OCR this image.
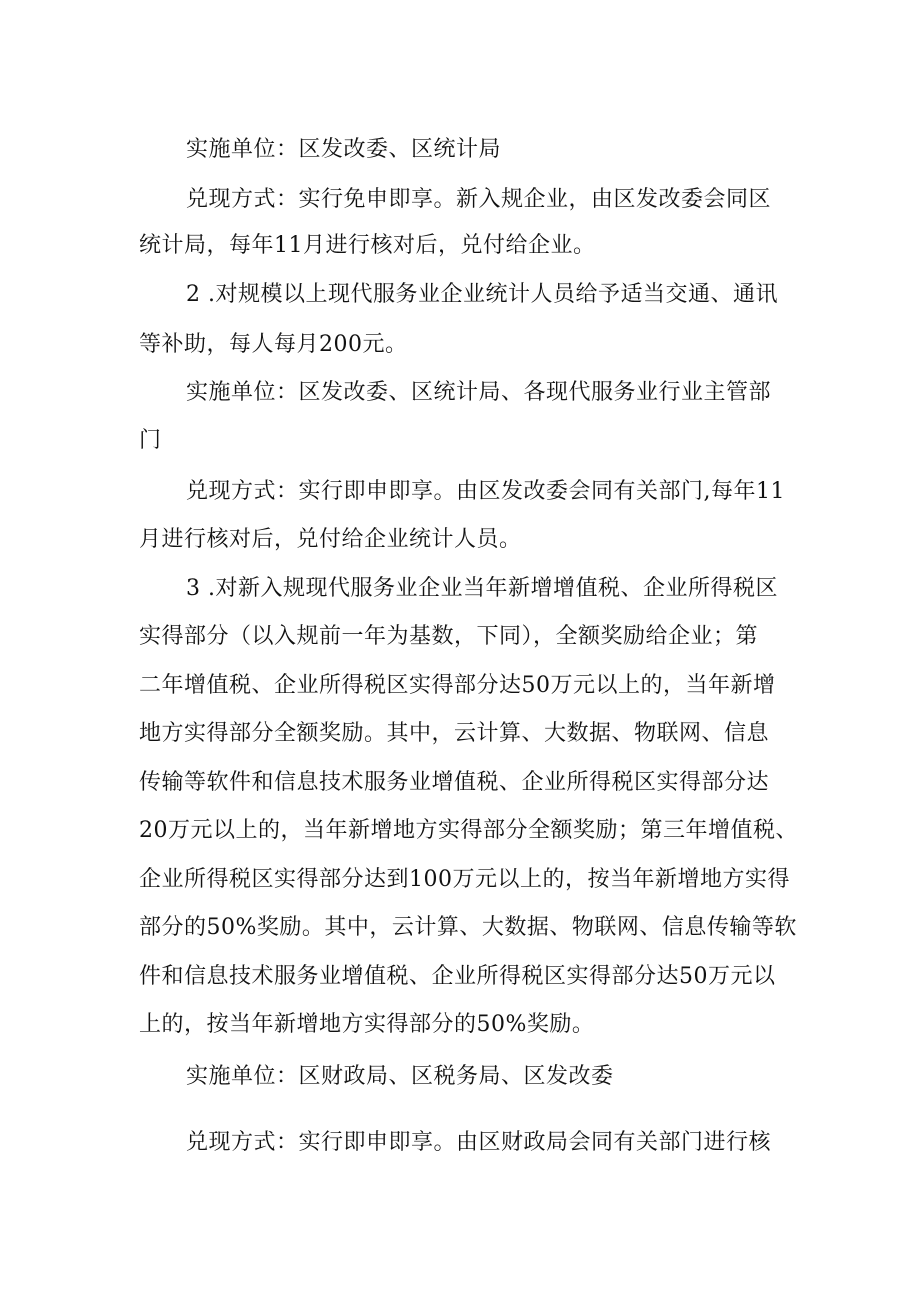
实施单位：区发改委、区统计局

兑现方式：实行免申即享。新入规企业，由区发改委会同区

统计局，每年11月进行核对后，兑付给企业。

2 .对规模以上现代服务业企业统计人员给予适当交通、通讯

等补助，每人每月200元。

实施单位：区发改委、区统计局、各现代服务业行业主管部

门

兑现方式：实行即申即享。由区发改委会同有关部门,每年11

月进行核对后，兑付给企业统计人员。

3 .对新入规现代服务业企业当年新增增值税、企业所得税区

实得部分（以入规前一年为基数，下同），全额奖励给企业；第

二年增值税、企业所得税区实得部分达50万元以上的，当年新增

地方实得部分全额奖励。其中，云计算、大数据、物联网、信息

传输等软件和信息技术服务业增值税、企业所得税区实得部分达

20万元以上的，当年新增地方实得部分全额奖励；第三年增值税、

企业所得税区实得部分达到100万元以上的，按当年新增地方实得

部分的50%奖励。其中，云计算、大数据、物联网、信息传输等软

件和信息技术服务业增值税、企业所得税区实得部分达50万元以

上的，按当年新增地方实得部分的50%奖励。

实施单位：区财政局、区税务局、区发改委

兑现方式：实行即申即享。由区财政局会同有关部门进行核
